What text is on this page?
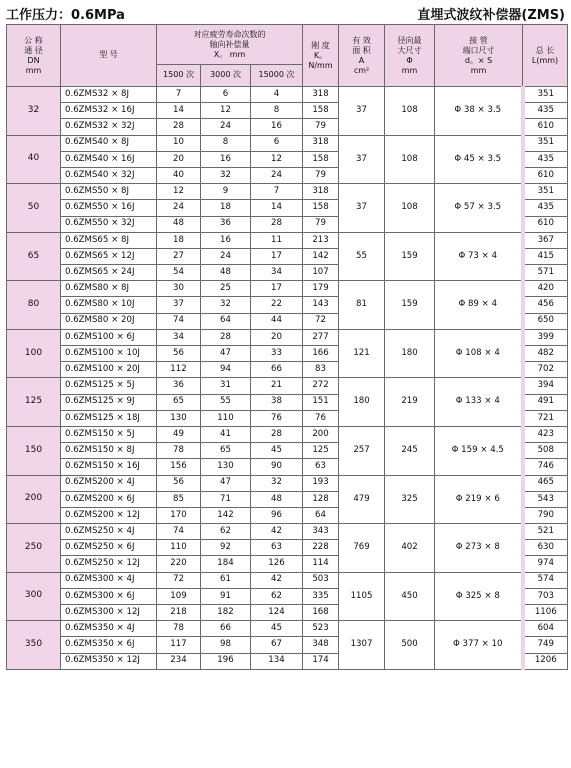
工作压力：0.6MPa	直埋式波纹补偿器(ZMS)
公 称
通 径
DN
mm	型 号	对应疲劳寿命次数的
轴向补偿量
X。 mm			刚 度
K。
N/mm	有 效
面 积
A
cm²	径向最
大尺寸
Φ
mm	接 管
端口尺寸
d。× S
mm	总 长
L(mm)

		1500 次	3000 次	15000 次					
32	0.6ZMS32 × 8J	7	6	4	318	37	108	Φ 38 × 3.5	351
	0.6ZMS32 × 16J	14	12	8	158				435
	0.6ZMS32 × 32J	28	24	16	79				610
40	0.6ZMS40 × 8J	10	8	6	318	37	108	Φ 45 × 3.5	351
	0.6ZMS40 × 16J	20	16	12	158				435
	0.6ZMS40 × 32J	40	32	24	79				610
50	0.6ZMS50 × 8J	12	9	7	318	37	108	Φ 57 × 3.5	351
	0.6ZMS50 × 16J	24	18	14	158				435
	0.6ZMS50 × 32J	48	36	28	79				610
65	0.6ZMS65 × 8J	18	16	11	213	55	159	Φ 73 × 4	367
	0.6ZMS65 × 12J	27	24	17	142				415
	0.6ZMS65 × 24J	54	48	34	107				571
80	0.6ZMS80 × 8J	30	25	17	179	81	159	Φ 89 × 4	420
	0.6ZMS80 × 10J	37	32	22	143				456
	0.6ZMS80 × 20J	74	64	44	72				650
100	0.6ZMS100 × 6J	34	28	20	277	121	180	Φ 108 × 4	399
	0.6ZMS100 × 10J	56	47	33	166				482
	0.6ZMS100 × 20J	112	94	66	83				702
125	0.6ZMS125 × 5J	36	31	21	272	180	219	Φ 133 × 4	394
	0.6ZMS125 × 9J	65	55	38	151				491
	0.6ZMS125 × 18J	130	110	76	76				721
150	0.6ZMS150 × 5J	49	41	28	200	257	245	Φ 159 × 4.5	423
	0.6ZMS150 × 8J	78	65	45	125				508
	0.6ZMS150 × 16J	156	130	90	63				746
200	0.6ZMS200 × 4J	56	47	32	193	479	325	Φ 219 × 6	465
	0.6ZMS200 × 6J	85	71	48	128				543
	0.6ZMS200 × 12J	170	142	96	64				790
250	0.6ZMS250 × 4J	74	62	42	343	769	402	Φ 273 × 8	521
	0.6ZMS250 × 6J	110	92	63	228				630
	0.6ZMS250 × 12J	220	184	126	114				974
300	0.6ZMS300 × 4J	72	61	42	503	1105	450	Φ 325 × 8	574
	0.6ZMS300 × 6J	109	91	62	335				703
	0.6ZMS300 × 12J	218	182	124	168				1106
350	0.6ZMS350 × 4J	78	66	45	523	1307	500	Φ 377 × 10	604
	0.6ZMS350 × 6J	117	98	67	348				749
	0.6ZMS350 × 12J	234	196	134	174				1206
